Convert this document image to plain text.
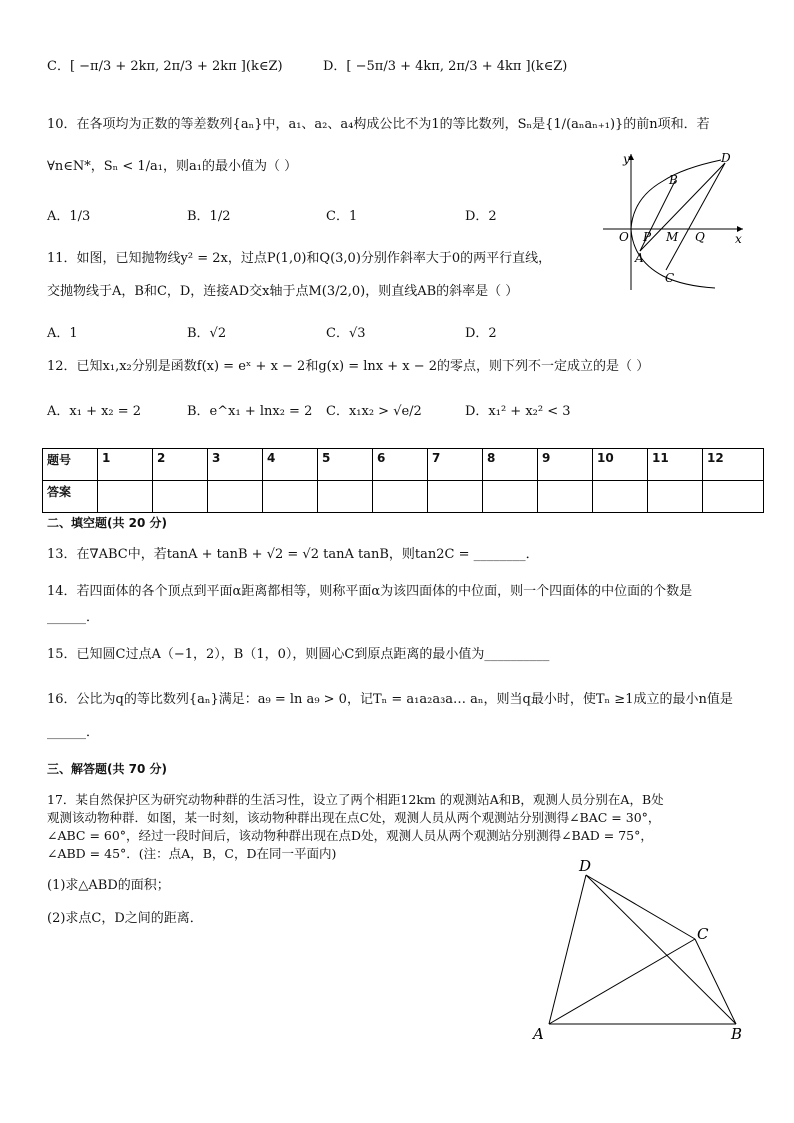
C．[ −π/3 + 2kπ, 2π/3 + 2kπ ](k∈Z)	D．[ −5π/3 + 4kπ, 2π/3 + 4kπ ](k∈Z)
10．在各项均为正数的等差数列{aₙ}中，a₁、a₂、a₄构成公比不为1的等比数列，Sₙ是{1/(aₙaₙ₊₁)}的前n项和．若
∀n∈N*，Sₙ < 1/a₁，则a₁的最小值为（ ）
A．1/3	B．1/2	C．1	D．2
11．如图，已知抛物线y² = 2x，过点P(1,0)和Q(3,0)分别作斜率大于0的两平行直线，
交抛物线于A，B和C，D，连接AD交x轴于点M(3/2,0)，则直线AB的斜率是（ ）
A．1	B．√2	C．√3	D．2
y
x
O P M Q
A
B
C
D
12．已知x₁,x₂分别是函数f(x) = eˣ + x − 2和g(x) = lnx + x − 2的零点，则下列不一定成立的是（ ）
A．x₁ + x₂ = 2	B．e^x₁ + lnx₂ = 2 C．x₁x₂ > √e/2	D．x₁² + x₂² < 3
题号	1	2	3	4	5	6	7	8	9	10	11	12
答案												
二、填空题(共 20 分)
13．在∇ABC中，若tanA + tanB + √2 = √2 tanA tanB，则tan2C = ________．
14．若四面体的各个顶点到平面α距离都相等，则称平面α为该四面体的中位面，则一个四面体的中位面的个数是
______．
15．已知圆C过点A（−1，2），B（1，0），则圆心C到原点距离的最小值为__________
16．公比为q的等比数列{aₙ}满足：a₉ = ln a₉ > 0，记Tₙ = a₁a₂a₃a… aₙ，则当q最小时，使Tₙ ≥1成立的最小n值是
______．
三、解答题(共 70 分)
17．某自然保护区为研究动物种群的生活习性，设立了两个相距12km 的观测站A和B，观测人员分别在A，B处
观测该动物种群．如图，某一时刻，该动物种群出现在点C处，观测人员从两个观测站分别测得∠BAC = 30°，
∠ABC = 60°，经过一段时间后，该动物种群出现在点D处，观测人员从两个观测站分别测得∠BAD = 75°，
∠ABD = 45°．(注：点A，B，C，D在同一平面内)
(1)求△ABD的面积；
(2)求点C，D之间的距离．
A	B
C
D
